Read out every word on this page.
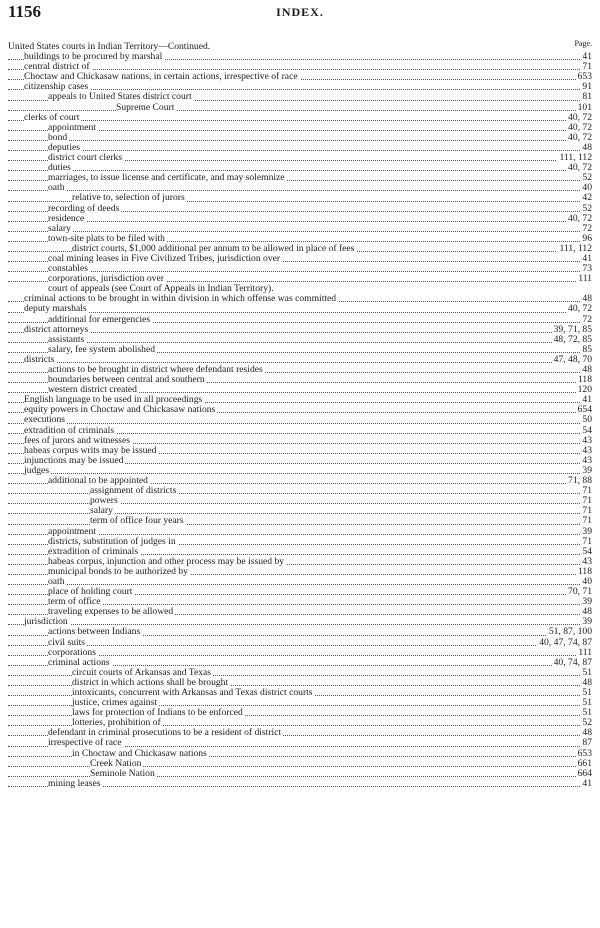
1156	INDEX.
Page.
United States courts in Indian Territory—Continued.
buildings to be procured by marshal	41
central district of	71
Choctaw and Chickasaw nations, in certain actions, irrespective of race	653
citizenship cases	91
appeals to United States district court	81
Supreme Court	101
clerks of court	40, 72
appointment	40, 72
bond	40, 72
deputies	48
district court clerks	111, 112
duties	40, 72
marriages, to issue license and certificate, and may solemnize	52
oath	40
relative to, selection of jurors	42
recording of deeds	52
residence	40, 72
salary	72
town-site plats to be filed with	96
district courts, $1,000 additional per annum to be allowed in place of fees	111, 112
coal mining leases in Five Civilized Tribes, jurisdiction over	41
constables	73
corporations, jurisdiction over	111
court of appeals (see Court of Appeals in Indian Territory).
criminal actions to be brought in within division in which offense was committed	48
deputy marshals	40, 72
additional for emergencies	72
district attorneys	39, 71, 85
assistants	48, 72, 85
salary, fee system abolished	85
districts	47, 48, 70
actions to be brought in district where defendant resides	48
boundaries between central and southern	118
western district created	120
English language to be used in all proceedings	41
equity powers in Choctaw and Chickasaw nations	654
executions	50
extradition of criminals	54
fees of jurors and witnesses	43
habeas corpus writs may be issued	43
injunctions may be issued	43
judges	39
additional to be appointed	71, 88
assignment of districts	71
powers	71
salary	71
term of office four years	71
appointment	39
districts, substitution of judges in	71
extradition of criminals	54
habeas corpus, injunction and other process may be issued by	43
municipal bonds to be authorized by	118
oath	40
place of holding court	70, 71
term of office	39
traveling expenses to be allowed	48
jurisdiction	39
actions between Indians	51, 87, 100
civil suits	40, 47, 74, 87
corporations	111
criminal actions	40, 74, 87
circuit courts of Arkansas and Texas	51
district in which actions shall be brought	48
intoxicants, concurrent with Arkansas and Texas district courts	51
justice, crimes against	51
laws for protection of Indians to be enforced	51
lotteries, prohibition of	52
defendant in criminal prosecutions to be a resident of district	48
irrespective of race	87
in Choctaw and Chickasaw nations	653
Creek Nation	661
Seminole Nation	664
mining leases	41
